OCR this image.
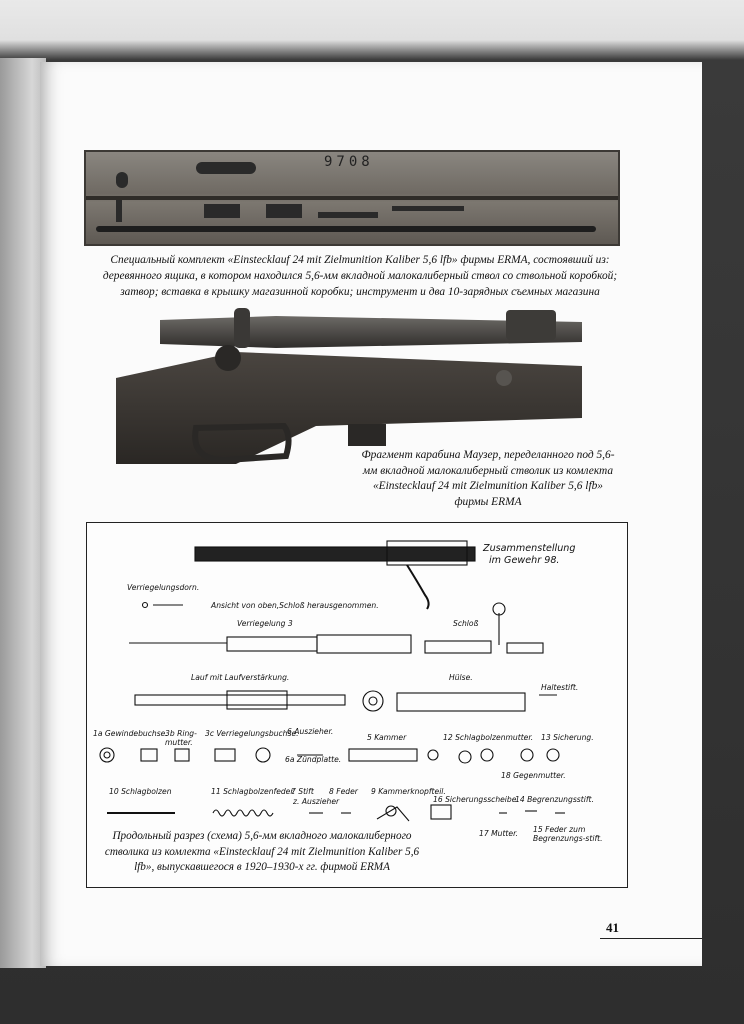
9708
Специальный комплект «Einstecklauf 24 mit Zielmunition Kaliber 5,6 lfb» фирмы ERMA, состоявший из: деревянного ящика, в котором находился 5,6-мм вкладной малокалиберный ствол со ствольной коробкой; затвор; вставка в крышку магазинной коробки; инструмент и два 10-зарядных съемных магазина
Фрагмент карабина Маузер, переделанного под 5,6-мм вкладной малокалиберный стволик из комлекта «Einstecklauf 24 mit Zielmunition Kaliber 5,6 lfb» фирмы ERMA
Zusammenstellung
im Gewehr 98.
Verriegelungsdorn.
Ansicht von oben,Schloß herausgenommen.
Verriegelung 3	Schloß
Lauf mit Laufverstärkung.	Hülse.
Haltestift.
1a Gewindebuchse.
3b Ring-mutter.
3c Verriegelungsbuchse.
6 Auszieher.
5 Kammer	12 Schlagbolzenmutter. 13 Sicherung.
6a Zündplatte.
18 Gegenmutter.
10 Schlagbolzen	11 Schlagbolzenfeder.
7 Stift
z. Auszieher
8 Feder 9 Kammerknopfteil.
16 Sicherungsscheibe.
14 Begrenzungsstift.
17 Mutter. 15 Feder zum Begrenzungs-stift.
Продольный разрез (схема) 5,6-мм вкладного малокалиберного стволика из комлекта «Einstecklauf 24 mit Zielmunition Kaliber 5,6 lfb», выпускавшегося в 1920–1930-х гг. фирмой ERMA
41
